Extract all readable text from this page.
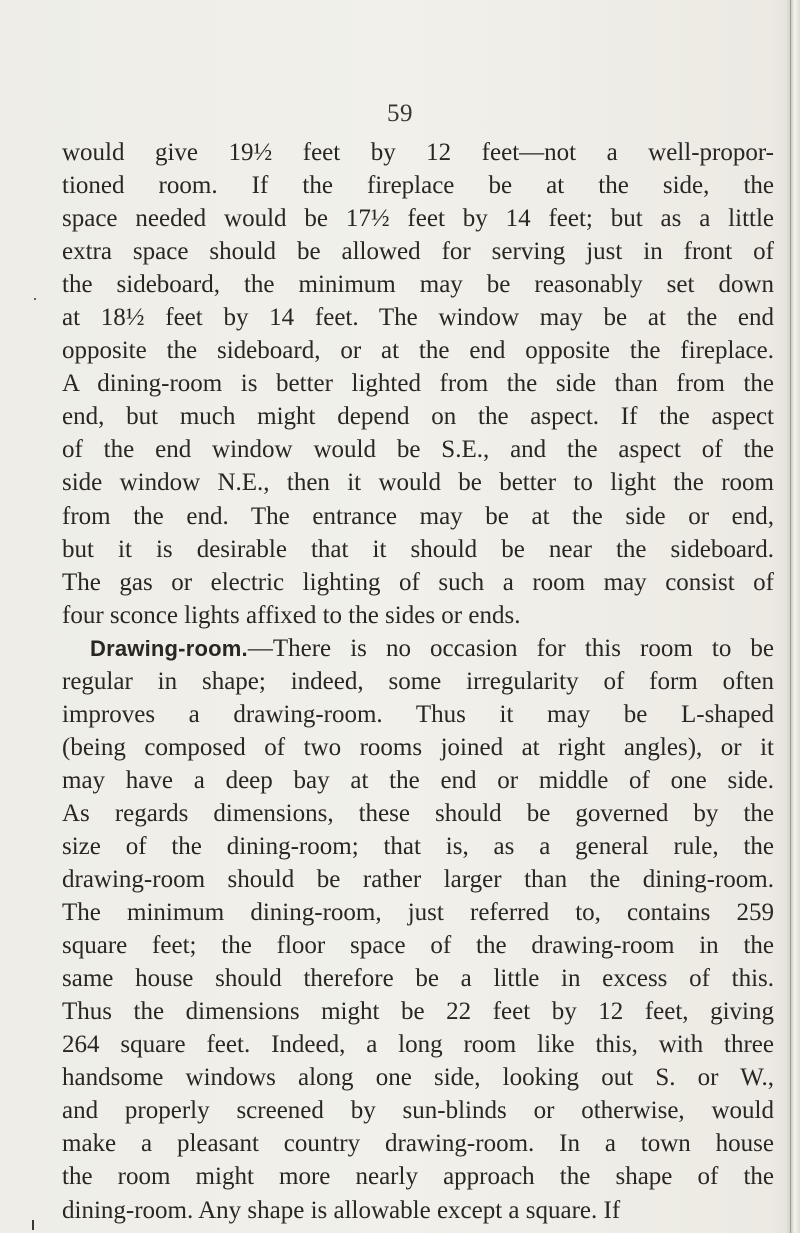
59
would give 19½ feet by 12 feet—not a well-propor-
tioned room. If the fireplace be at the side, the
space needed would be 17½ feet by 14 feet; but as a little
extra space should be allowed for serving just in front of
the sideboard, the minimum may be reasonably set down
at 18½ feet by 14 feet. The window may be at the end
opposite the sideboard, or at the end opposite the fireplace.
A dining-room is better lighted from the side than from the
end, but much might depend on the aspect. If the aspect
of the end window would be S.E., and the aspect of the
side window N.E., then it would be better to light the room
from the end. The entrance may be at the side or end,
but it is desirable that it should be near the sideboard.
The gas or electric lighting of such a room may consist of
four sconce lights affixed to the sides or ends.
Drawing-room.—There is no occasion for this room to be
regular in shape; indeed, some irregularity of form often
improves a drawing-room. Thus it may be L-shaped
(being composed of two rooms joined at right angles), or it
may have a deep bay at the end or middle of one side.
As regards dimensions, these should be governed by the
size of the dining-room; that is, as a general rule, the
drawing-room should be rather larger than the dining-room.
The minimum dining-room, just referred to, contains 259
square feet; the floor space of the drawing-room in the
same house should therefore be a little in excess of this.
Thus the dimensions might be 22 feet by 12 feet, giving
264 square feet. Indeed, a long room like this, with three
handsome windows along one side, looking out S. or W.,
and properly screened by sun-blinds or otherwise, would
make a pleasant country drawing-room. In a town house
the room might more nearly approach the shape of the
dining-room. Any shape is allowable except a square. If
